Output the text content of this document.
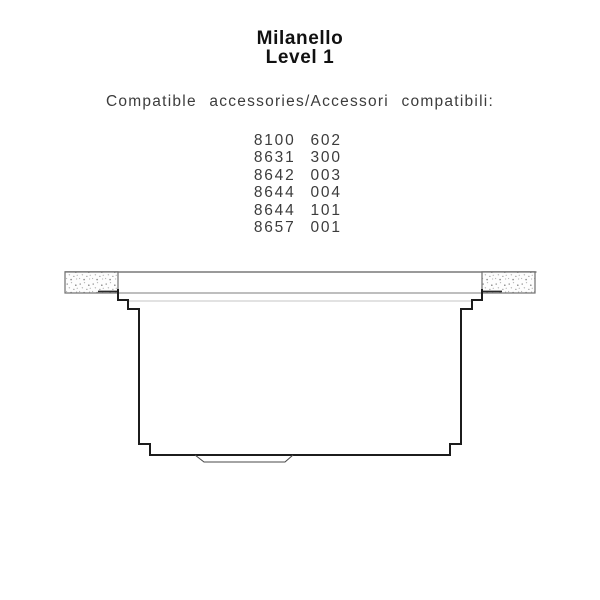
Milanello
Level 1
Compatible accessories/Accessori compatibili:
8100 602
8631 300
8642 003
8644 004
8644 101
8657 001
